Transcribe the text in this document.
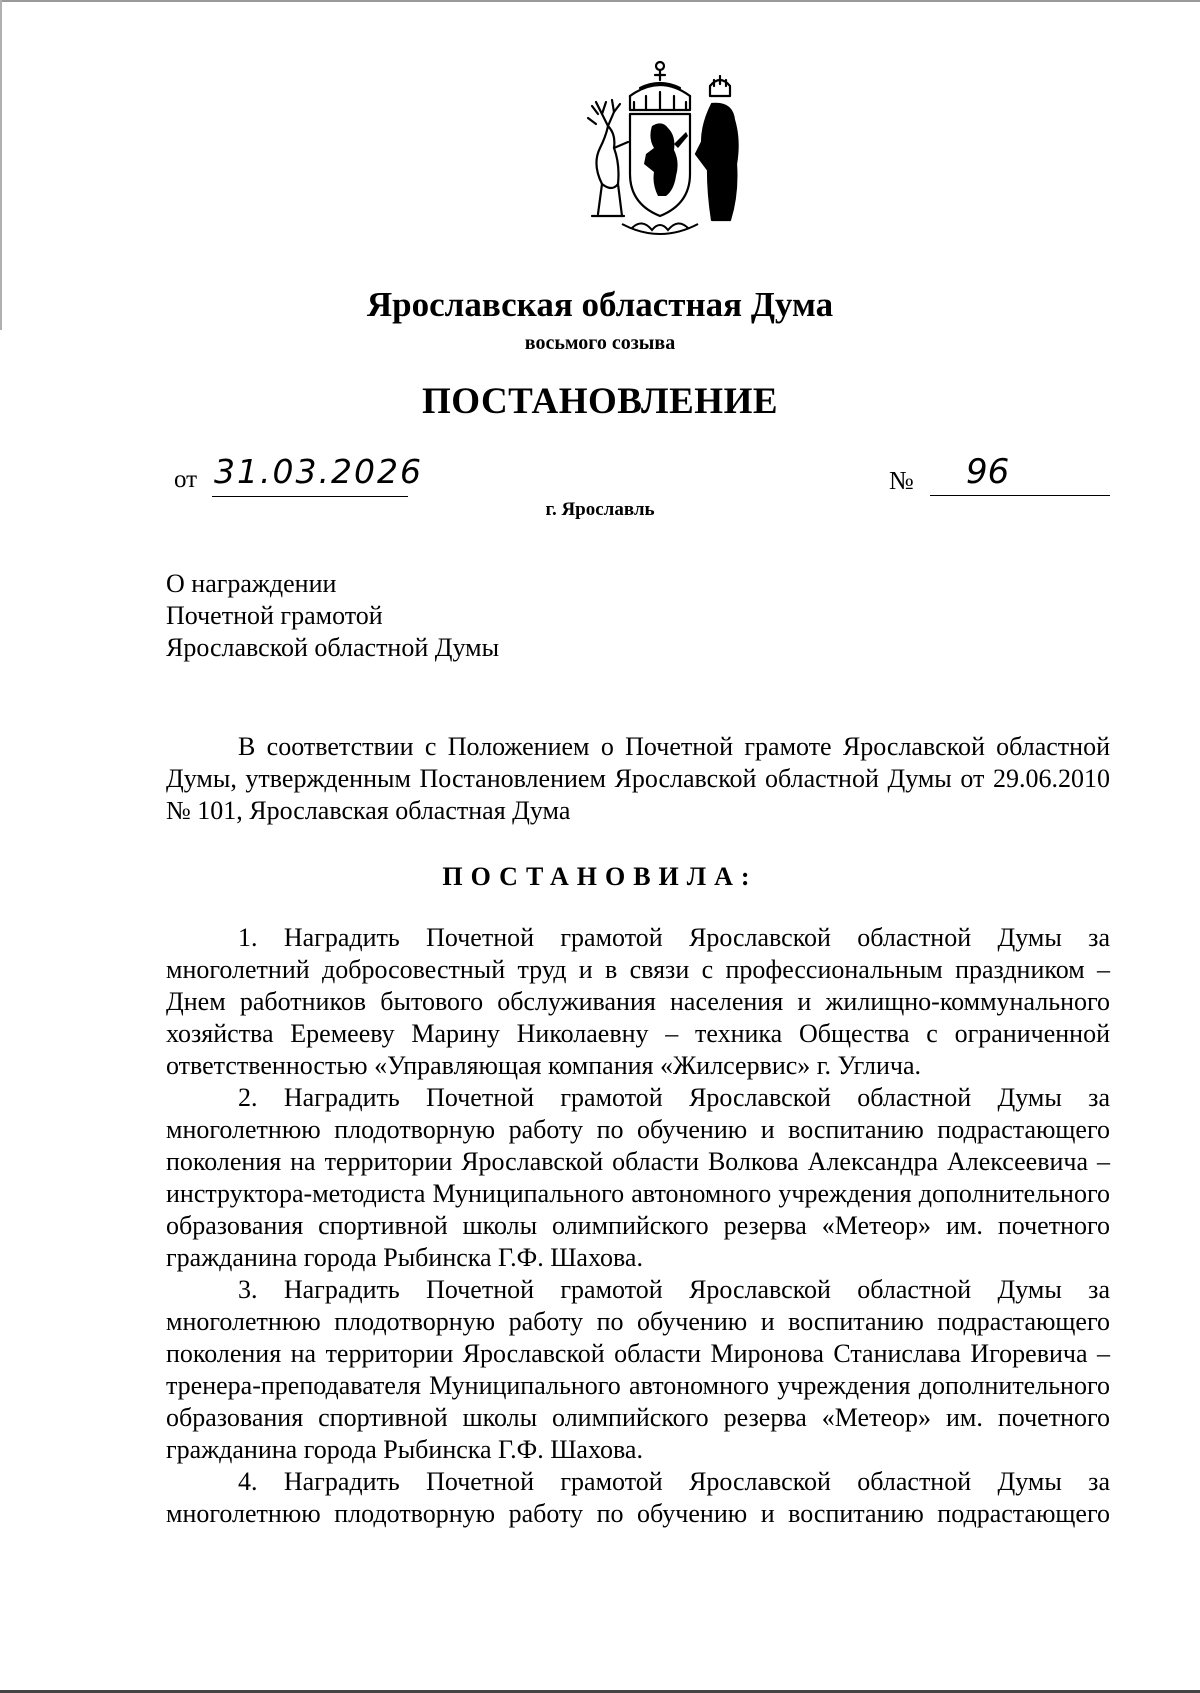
Ярославская областная Дума
восьмого созыва
ПОСТАНОВЛЕНИЕ
от 31.03.2026	№	96
г. Ярославль
О награждении
Почетной грамотой
Ярославской областной Думы

В соответствии с Положением о Почетной грамоте Ярославской областной Думы, утвержденным Постановлением Ярославской областной Думы от 29.06.2010 № 101, Ярославская областная Дума

ПОСТАНОВИЛА:

1. Наградить Почетной грамотой Ярославской областной Думы за многолетний добросовестный труд и в связи с профессиональным праздником – Днем работников бытового обслуживания населения и жилищно-коммунального хозяйства Еремееву Марину Николаевну – техника Общества с ограниченной ответственностью «Управляющая компания «Жилсервис» г. Углича.

2. Наградить Почетной грамотой Ярославской областной Думы за многолетнюю плодотворную работу по обучению и воспитанию подрастающего поколения на территории Ярославской области Волкова Александра Алексеевича – инструктора-методиста Муниципального автономного учреждения дополнительного образования спортивной школы олимпийского резерва «Метеор» им. почетного гражданина города Рыбинска Г.Ф. Шахова.

3. Наградить Почетной грамотой Ярославской областной Думы за многолетнюю плодотворную работу по обучению и воспитанию подрастающего поколения на территории Ярославской области Миронова Станислава Игоревича – тренера-преподавателя Муниципального автономного учреждения дополнительного образования спортивной школы олимпийского резерва «Метеор» им. почетного гражданина города Рыбинска Г.Ф. Шахова.

4. Наградить Почетной грамотой Ярославской областной Думы за многолетнюю плодотворную работу по обучению и воспитанию подрастающего
